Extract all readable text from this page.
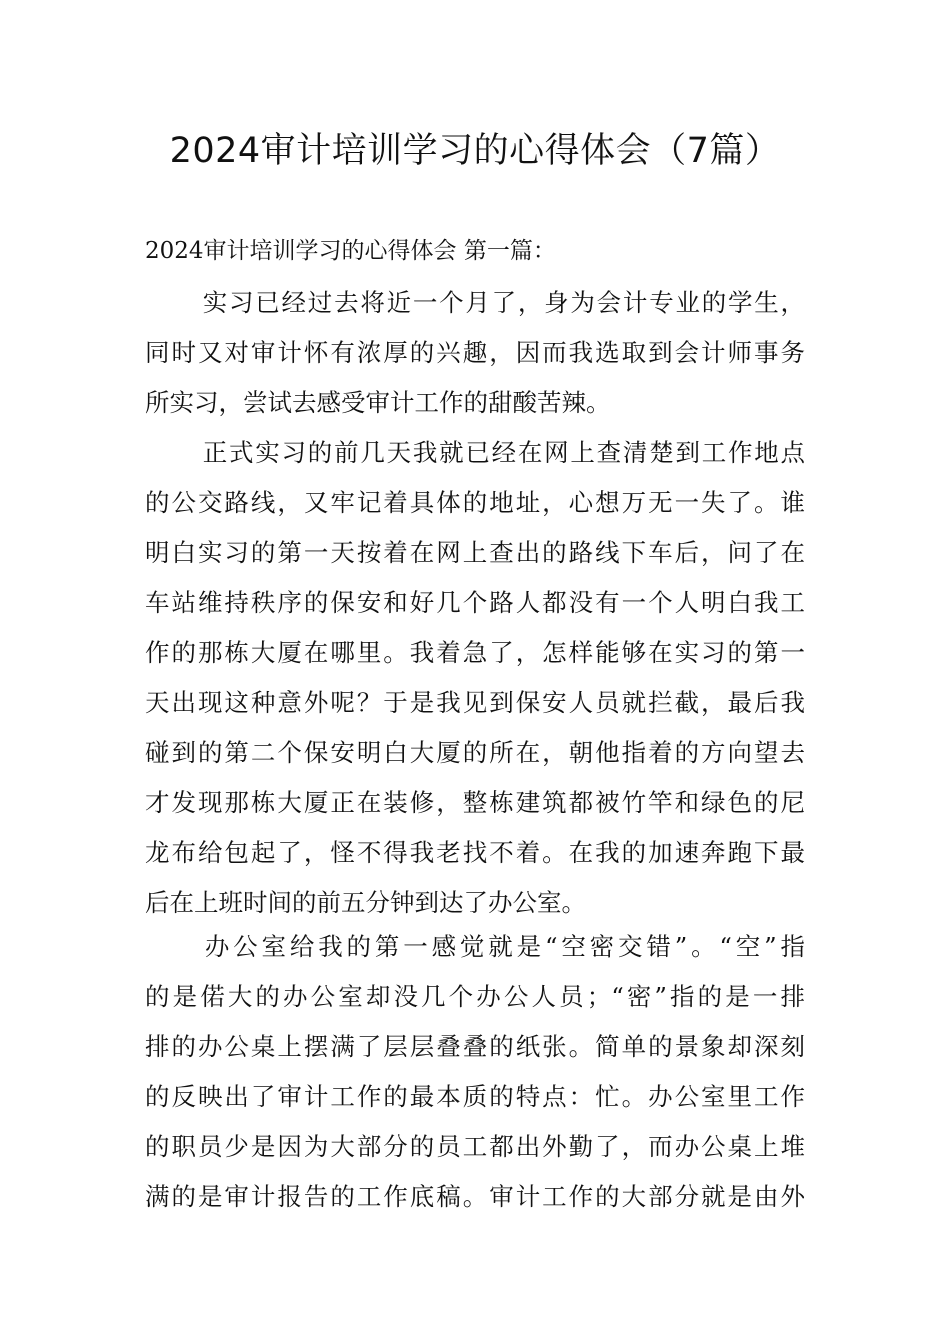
2024审计培训学习的心得体会（7篇）
2024审计培训学习的心得体会 第一篇：
实习已经过去将近一个月了，身为会计专业的学生，
同时又对审计怀有浓厚的兴趣，因而我选取到会计师事务
所实习，尝试去感受审计工作的甜酸苦辣。
正式实习的前几天我就已经在网上查清楚到工作地点
的公交路线，又牢记着具体的地址，心想万无一失了。谁
明白实习的第一天按着在网上查出的路线下车后，问了在
车站维持秩序的保安和好几个路人都没有一个人明白我工
作的那栋大厦在哪里。我着急了，怎样能够在实习的第一
天出现这种意外呢？于是我见到保安人员就拦截，最后我
碰到的第二个保安明白大厦的所在，朝他指着的方向望去
才发现那栋大厦正在装修，整栋建筑都被竹竿和绿色的尼
龙布给包起了，怪不得我老找不着。在我的加速奔跑下最
后在上班时间的前五分钟到达了办公室。
办公室给我的第一感觉就是“空密交错”。“空”指
的是偌大的办公室却没几个办公人员；“密”指的是一排
排的办公桌上摆满了层层叠叠的纸张。简单的景象却深刻
的反映出了审计工作的最本质的特点：忙。办公室里工作
的职员少是因为大部分的员工都出外勤了，而办公桌上堆
满的是审计报告的工作底稿。审计工作的大部分就是由外
